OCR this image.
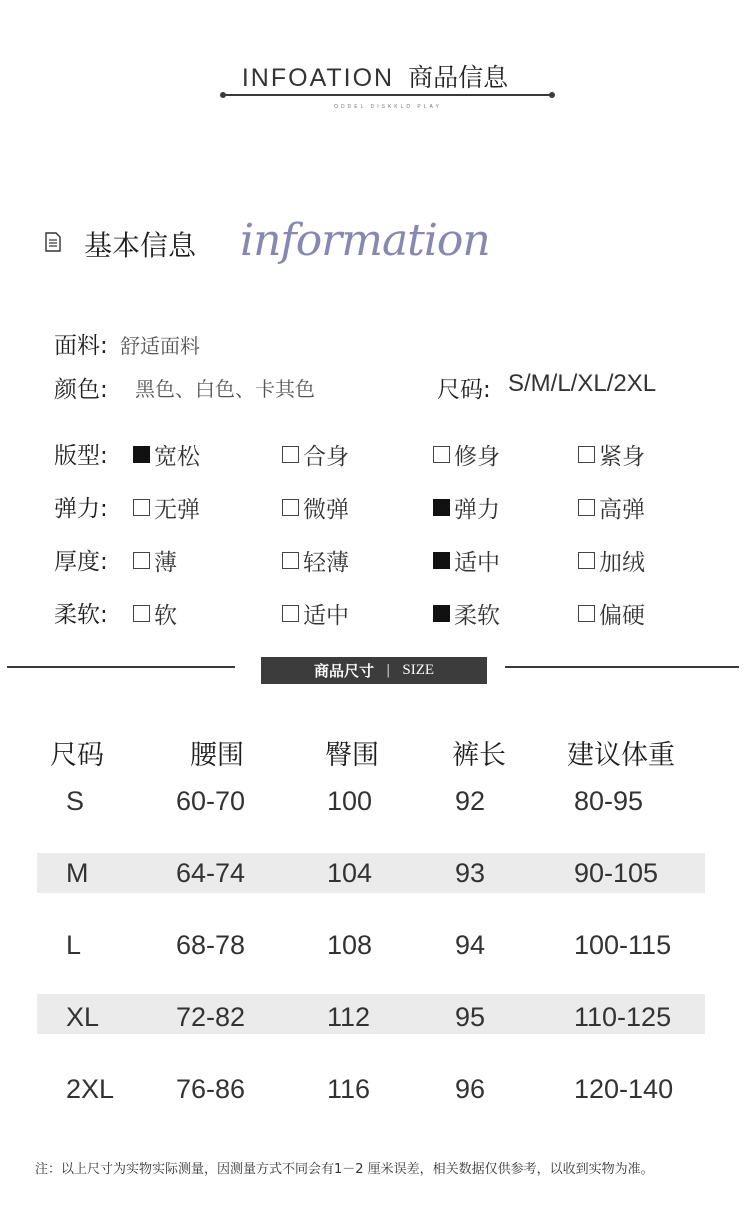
INFOATION 商品信息
ODDEL DISKKLD PLAY
基本信息 information
面料: 舒适面料
颜色: 黑色、白色、卡其色	尺码: S/M/L/XL/2XL
版型: 宽松	合身	修身	紧身
弹力: 无弹	微弹	弹力	高弹
厚度: 薄	轻薄	适中	加绒
柔软: 软	适中	柔软	偏硬
商品尺寸 | SIZE
尺码	腰围	臀围	裤长 建议体重
S	60-70	100	92	80-95
M	64-74	104	93	90-105
L	68-78	108	94	100-115
XL	72-82	112	95	110-125
2XL 76-86	116	96	120-140
注：以上尺寸为实物实际测量，因测量方式不同会有1－2 厘米误差，相关数据仅供参考，以收到实物为准。
